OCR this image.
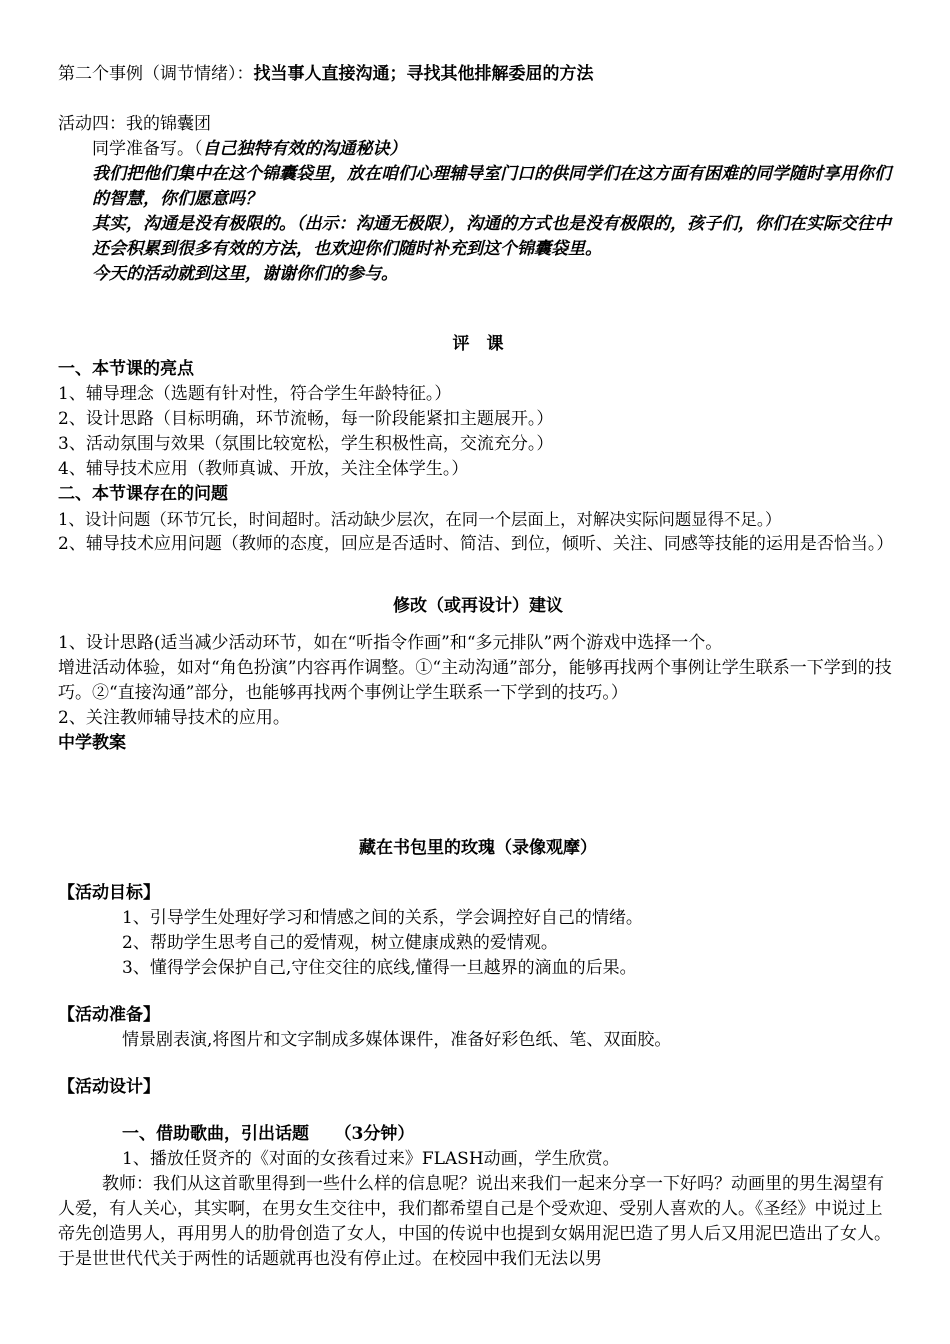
第二个事例（调节情绪）：找当事人直接沟通；寻找其他排解委屈的方法
活动四：我的锦囊团
同学准备写。（自己独特有效的沟通秘诀）
我们把他们集中在这个锦囊袋里，放在咱们心理辅导室门口的供同学们在这方面有困难的同学随时享用你们的智慧，你们愿意吗？
其实，沟通是没有极限的。（出示：沟通无极限），沟通的方式也是没有极限的，孩子们，你们在实际交往中还会积累到很多有效的方法，也欢迎你们随时补充到这个锦囊袋里。
今天的活动就到这里，谢谢你们的参与。
评　课
一、本节课的亮点
1、辅导理念（选题有针对性，符合学生年龄特征。）
2、设计思路（目标明确，环节流畅，每一阶段能紧扣主题展开。）
3、活动氛围与效果（氛围比较宽松，学生积极性高，交流充分。）
4、辅导技术应用（教师真诚、开放，关注全体学生。）
二、本节课存在的问题
1、设计问题（环节冗长，时间超时。活动缺少层次，在同一个层面上，对解决实际问题显得不足。）
2、辅导技术应用问题（教师的态度，回应是否适时、简洁、到位，倾听、关注、同感等技能的运用是否恰当。）
修改（或再设计）建议
1、设计思路(适当减少活动环节，如在“听指令作画”和“多元排队”两个游戏中选择一个。
增进活动体验，如对“角色扮演”内容再作调整。①“主动沟通”部分，能够再找两个事例让学生联系一下学到的技巧。②“直接沟通”部分，也能够再找两个事例让学生联系一下学到的技巧。）
2、关注教师辅导技术的应用。
中学教案
藏在书包里的玫瑰（录像观摩）
【活动目标】
1、引导学生处理好学习和情感之间的关系，学会调控好自己的情绪。
2、帮助学生思考自己的爱情观，树立健康成熟的爱情观。
3、懂得学会保护自己,守住交往的底线,懂得一旦越界的滴血的后果。
【活动准备】
情景剧表演,将图片和文字制成多媒体课件，准备好彩色纸、笔、双面胶。
【活动设计】
一、借助歌曲，引出话题　　（3分钟）
1、播放任贤齐的《对面的女孩看过来》FLASH动画，学生欣赏。
教师：我们从这首歌里得到一些什么样的信息呢？说出来我们一起来分享一下好吗？动画里的男生渴望有人爱，有人关心，其实啊，在男女生交往中，我们都希望自己是个受欢迎、受别人喜欢的人。《圣经》中说过上帝先创造男人，再用男人的肋骨创造了女人，中国的传说中也提到女娲用泥巴造了男人后又用泥巴造出了女人。于是世世代代关于两性的话题就再也没有停止过。在校园中我们无法以男
